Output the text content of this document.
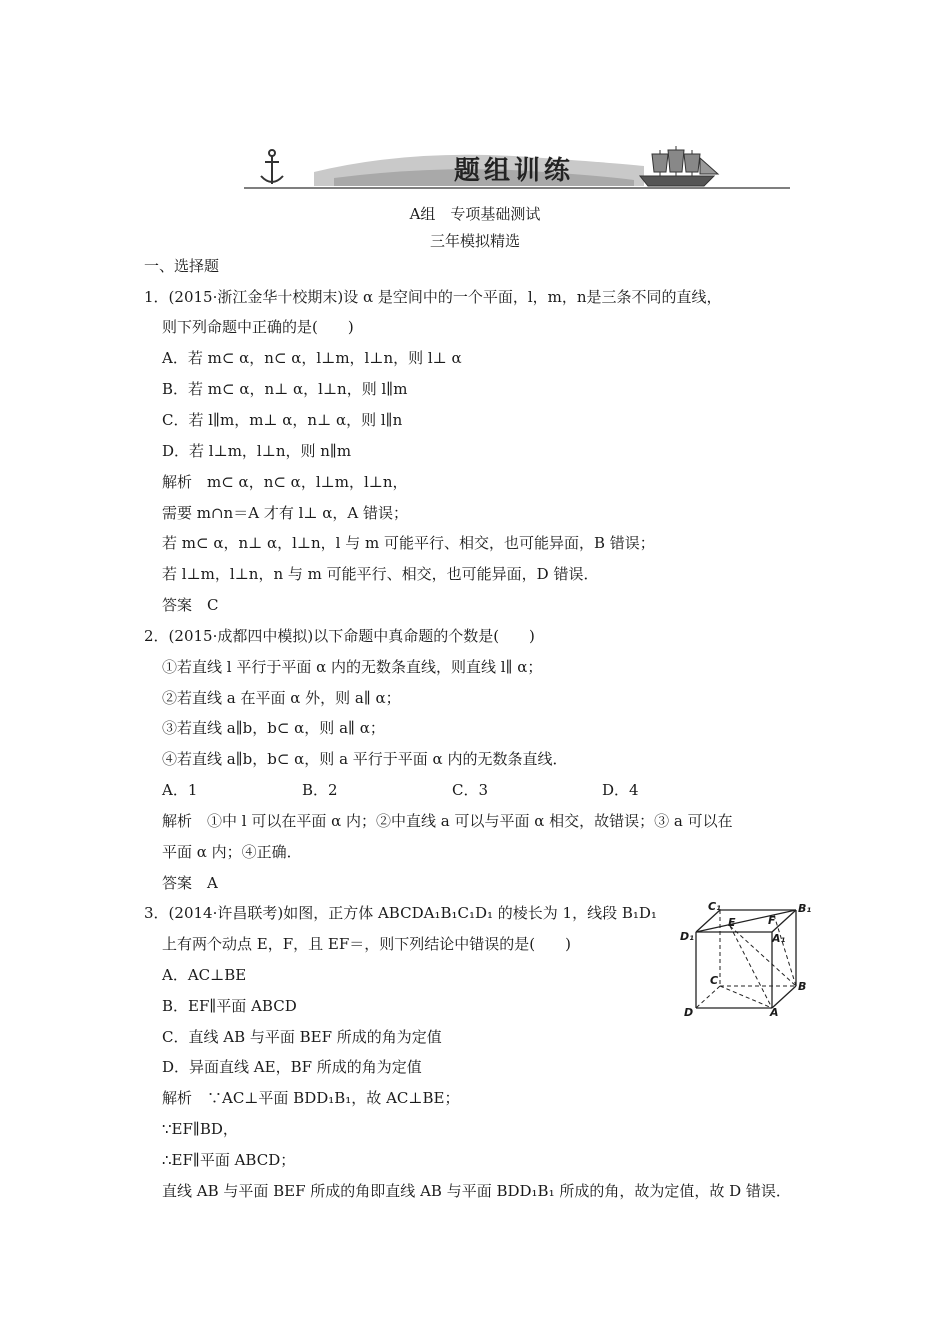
题组训练
A组　专项基础测试
三年模拟精选
一、选择题
1．(2015·浙江金华十校期末)设 α 是空间中的一个平面，l，m，n是三条不同的直线，
则下列命题中正确的是(　　)
A．若 m⊂ α，n⊂ α，l⊥m，l⊥n，则 l⊥ α
B．若 m⊂ α，n⊥ α，l⊥n，则 l∥m
C．若 l∥m，m⊥ α，n⊥ α，则 l∥n
D．若 l⊥m，l⊥n，则 n∥m
解析　m⊂ α，n⊂ α，l⊥m，l⊥n，
需要 m∩n＝A 才有 l⊥ α，A 错误；
若 m⊂ α，n⊥ α，l⊥n，l 与 m 可能平行、相交，也可能异面，B 错误；
若 l⊥m，l⊥n，n 与 m 可能平行、相交，也可能异面，D 错误．
答案　C
2．(2015·成都四中模拟)以下命题中真命题的个数是(　　)
①若直线 l 平行于平面 α 内的无数条直线，则直线 l∥ α；
②若直线 a 在平面 α 外，则 a∥ α；
③若直线 a∥b，b⊂ α，则 a∥ α；
④若直线 a∥b，b⊂ α，则 a 平行于平面 α 内的无数条直线．
A．1	B．2	C．3	D．4
解析　①中 l 可以在平面 α 内；②中直线 a 可以与平面 α 相交，故错误；③ a 可以在
平面 α 内；④正确．
答案　A
3．(2014·许昌联考)如图，正方体 ABCDA₁B₁C₁D₁ 的棱长为 1，线段 B₁D₁
上有两个动点 E，F，且 EF＝，则下列结论中错误的是(　　)
A．AC⊥BE
B．EF∥平面 ABCD
C．直线 AB 与平面 BEF 所成的角为定值
D．异面直线 AE，BF 所成的角为定值
解析　∵AC⊥平面 BDD₁B₁，故 AC⊥BE；
∵EF∥BD，
∴EF∥平面 ABCD；
直线 AB 与平面 BEF 所成的角即直线 AB 与平面 BDD₁B₁ 所成的角，故为定值，故 D 错误．
C₁
E	F
B₁
D₁	A₁
C	B
D	A
